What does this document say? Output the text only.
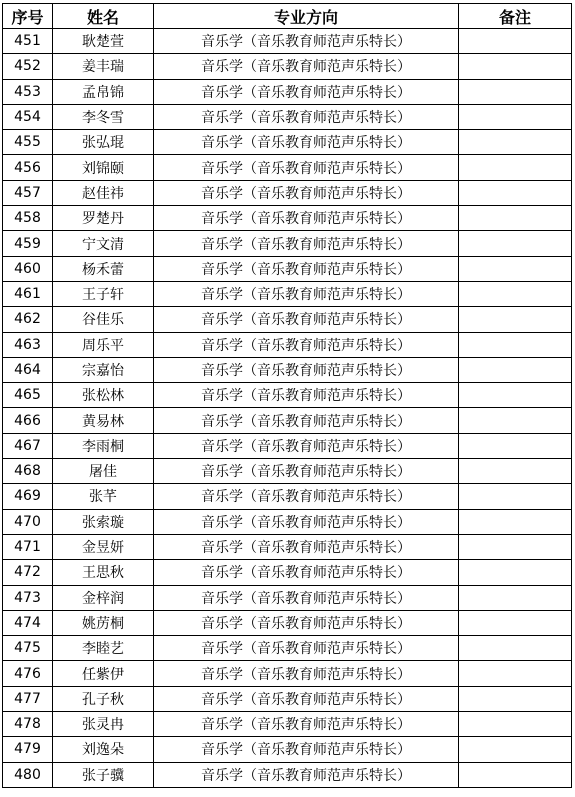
序号	姓名	专业方向	备注
451	耿楚萱	音乐学（音乐教育师范声乐特长）	
452	姜丰瑞	音乐学（音乐教育师范声乐特长）	
453	孟帛锦	音乐学（音乐教育师范声乐特长）	
454	李冬雪	音乐学（音乐教育师范声乐特长）	
455	张弘琨	音乐学（音乐教育师范声乐特长）	
456	刘锦颐	音乐学（音乐教育师范声乐特长）	
457	赵佳祎	音乐学（音乐教育师范声乐特长）	
458	罗楚丹	音乐学（音乐教育师范声乐特长）	
459	宁文清	音乐学（音乐教育师范声乐特长）	
460	杨禾蕾	音乐学（音乐教育师范声乐特长）	
461	王子轩	音乐学（音乐教育师范声乐特长）	
462	谷佳乐	音乐学（音乐教育师范声乐特长）	
463	周乐平	音乐学（音乐教育师范声乐特长）	
464	宗嘉怡	音乐学（音乐教育师范声乐特长）	
465	张松林	音乐学（音乐教育师范声乐特长）	
466	黄易林	音乐学（音乐教育师范声乐特长）	
467	李雨桐	音乐学（音乐教育师范声乐特长）	
468	屠佳	音乐学（音乐教育师范声乐特长）	
469	张芊	音乐学（音乐教育师范声乐特长）	
470	张索璇	音乐学（音乐教育师范声乐特长）	
471	金昱妍	音乐学（音乐教育师范声乐特长）	
472	王思秋	音乐学（音乐教育师范声乐特长）	
473	金梓润	音乐学（音乐教育师范声乐特长）	
474	姚苈桐	音乐学（音乐教育师范声乐特长）	
475	李睦艺	音乐学（音乐教育师范声乐特长）	
476	任紫伊	音乐学（音乐教育师范声乐特长）	
477	孔子秋	音乐学（音乐教育师范声乐特长）	
478	张灵冉	音乐学（音乐教育师范声乐特长）	
479	刘逸朵	音乐学（音乐教育师范声乐特长）	
480	张子骥	音乐学（音乐教育师范声乐特长）	
